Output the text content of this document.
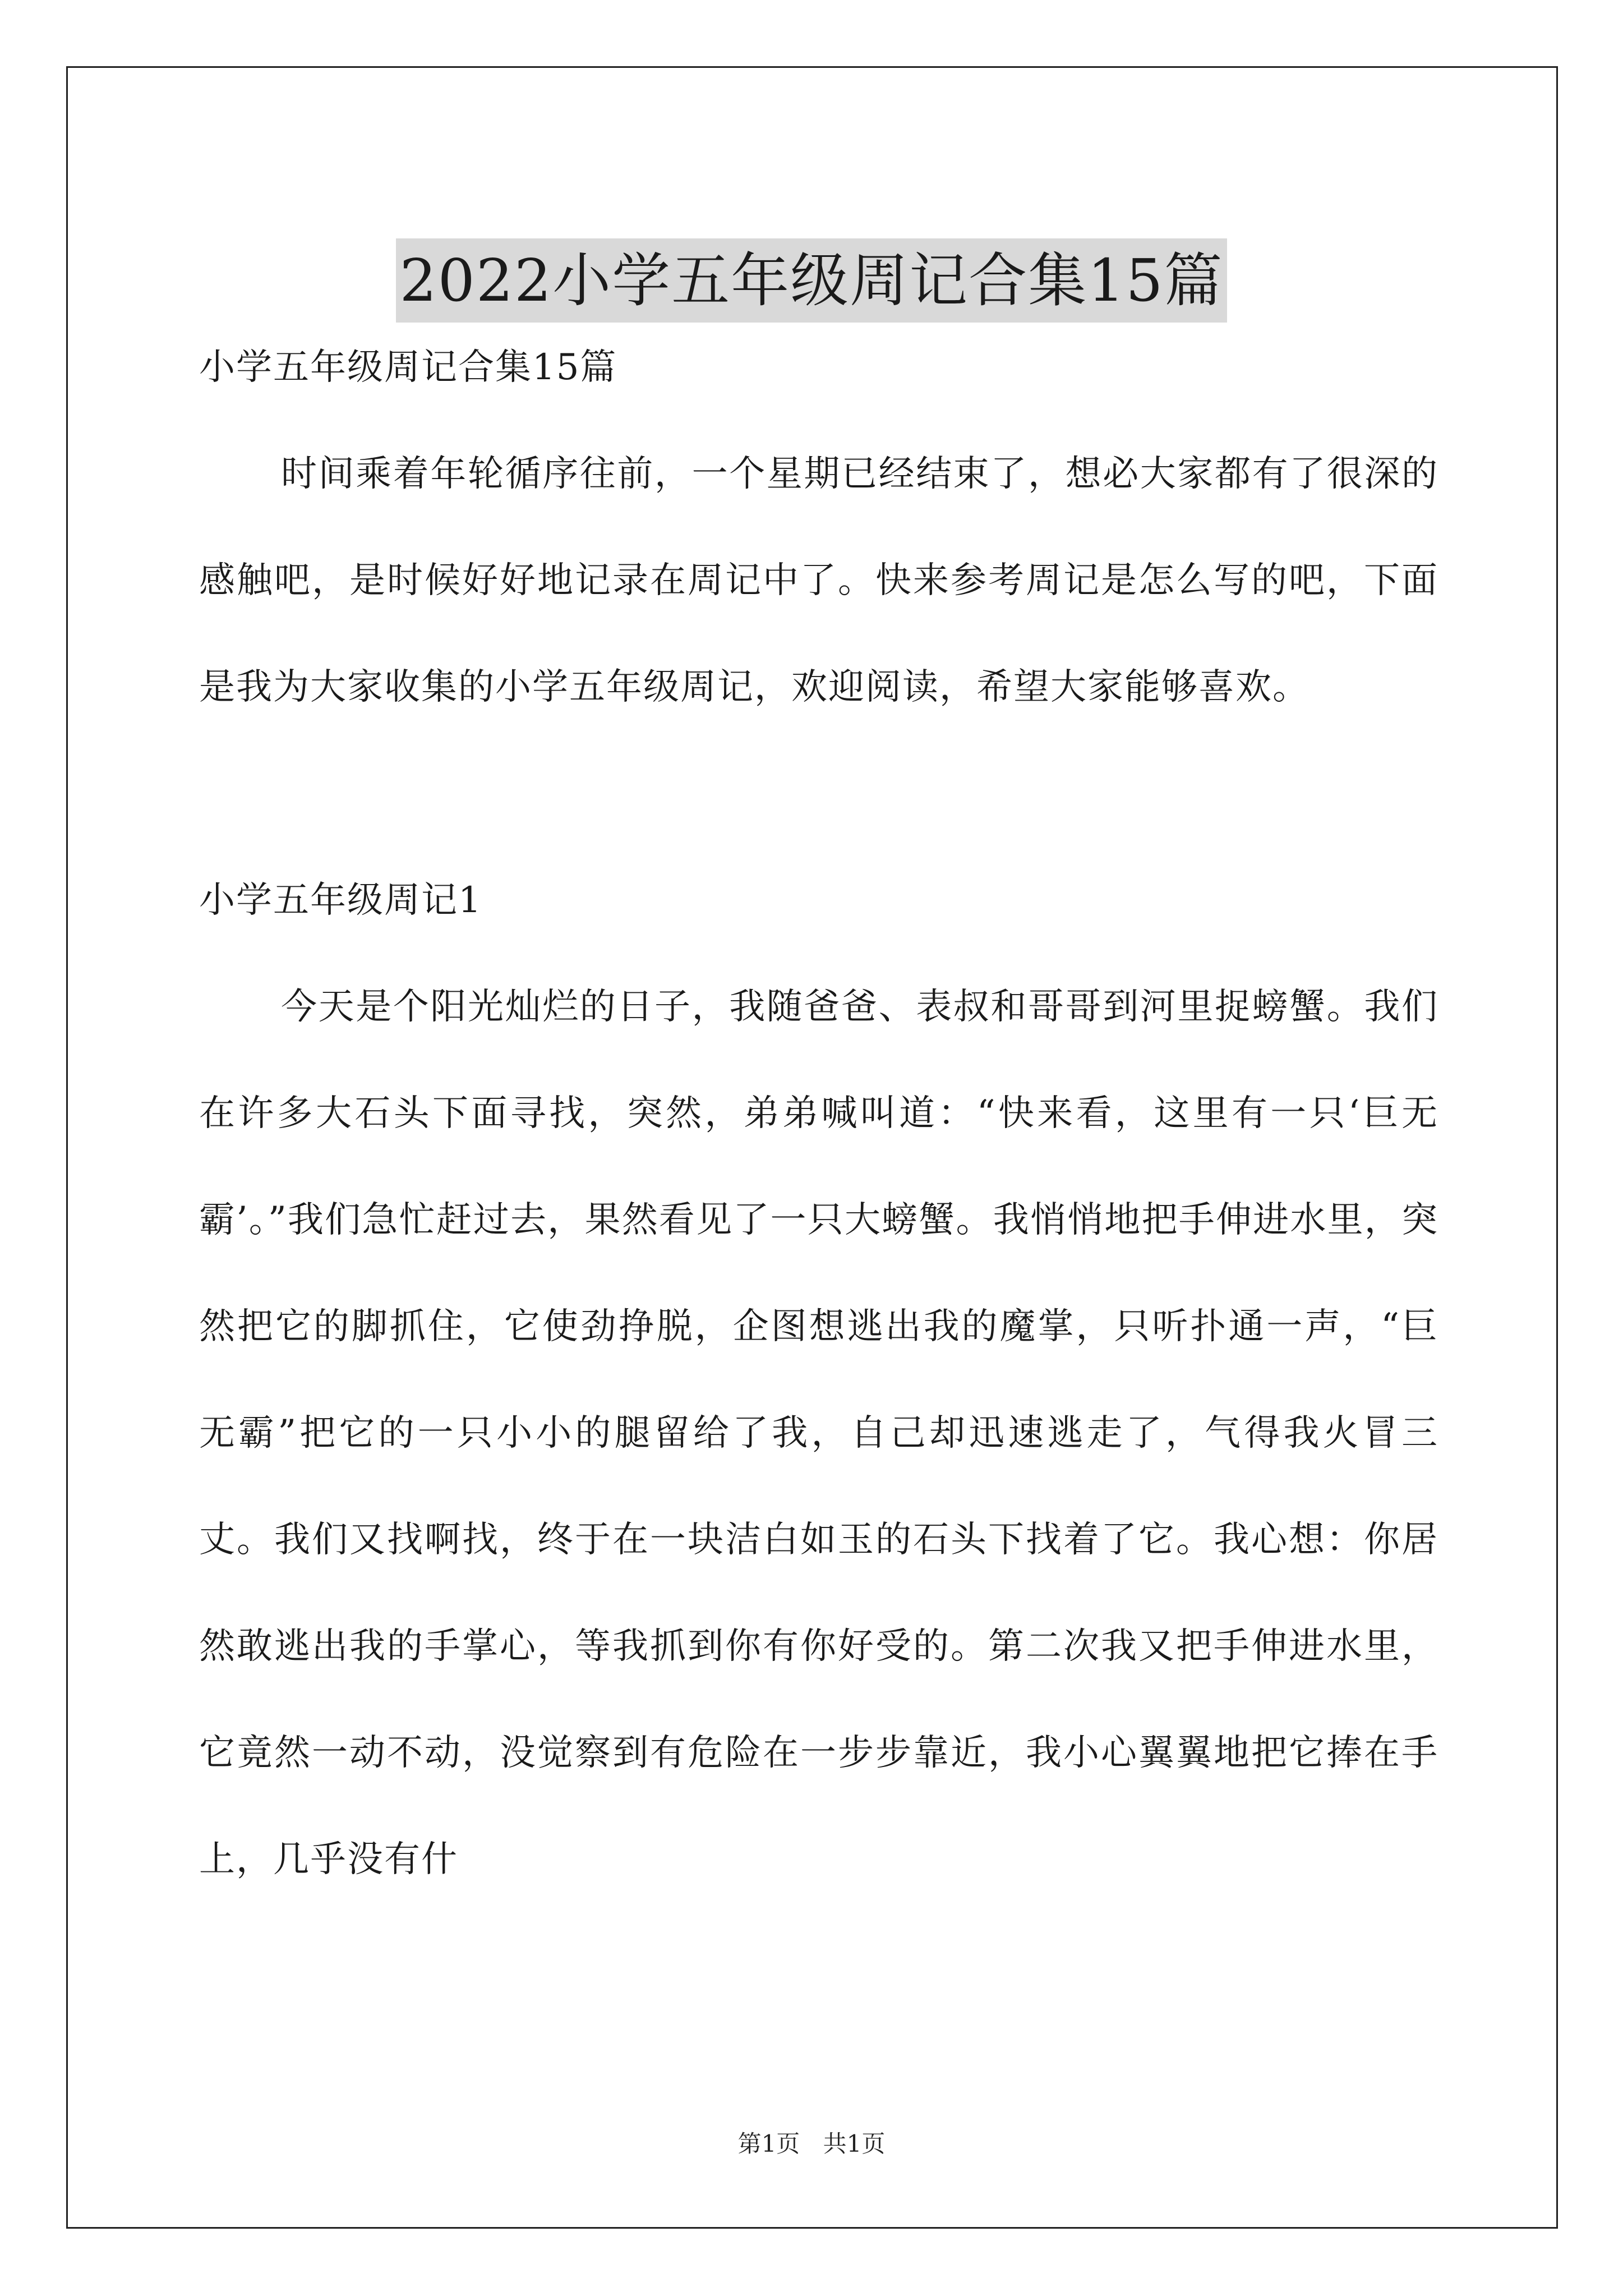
2022小学五年级周记合集15篇

小学五年级周记合集15篇

时间乘着年轮循序往前，一个星期已经结束了，想必大家都有了很深的感触吧，是时候好好地记录在周记中了。快来参考周记是怎么写的吧，下面是我为大家收集的小学五年级周记，欢迎阅读，希望大家能够喜欢。

小学五年级周记1

今天是个阳光灿烂的日子，我随爸爸、表叔和哥哥到河里捉螃蟹。我们在许多大石头下面寻找，突然，弟弟喊叫道：“快来看，这里有一只‘巨无霸’。”我们急忙赶过去，果然看见了一只大螃蟹。我悄悄地把手伸进水里，突然把它的脚抓住，它使劲挣脱，企图想逃出我的魔掌，只听扑通一声，“巨无霸”把它的一只小小的腿留给了我，自己却迅速逃走了，气得我火冒三丈。我们又找啊找，终于在一块洁白如玉的石头下找着了它。我心想：你居然敢逃出我的手掌心，等我抓到你有你好受的。第二次我又把手伸进水里，它竟然一动不动，没觉察到有危险在一步步靠近，我小心翼翼地把它捧在手上，几乎没有什

第1页 共1页
